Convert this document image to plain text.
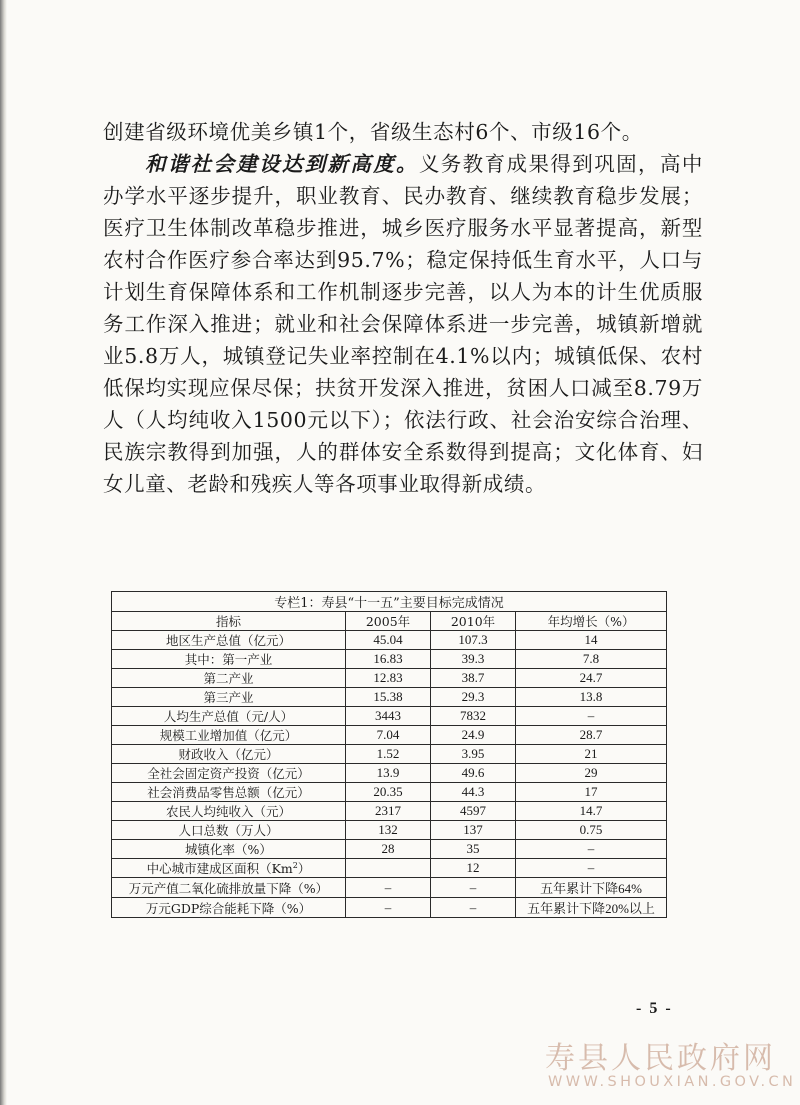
创建省级环境优美乡镇1个，省级生态村6个、市级16个。

和谐社会建设达到新高度。义务教育成果得到巩固，高中办学水平逐步提升，职业教育、民办教育、继续教育稳步发展；医疗卫生体制改革稳步推进，城乡医疗服务水平显著提高，新型农村合作医疗参合率达到95.7%；稳定保持低生育水平，人口与计划生育保障体系和工作机制逐步完善，以人为本的计生优质服务工作深入推进；就业和社会保障体系进一步完善，城镇新增就业5.8万人，城镇登记失业率控制在4.1%以内；城镇低保、农村低保均实现应保尽保；扶贫开发深入推进，贫困人口减至8.79万人（人均纯收入1500元以下）；依法行政、社会治安综合治理、民族宗教得到加强，人的群体安全系数得到提高；文化体育、妇女儿童、老龄和残疾人等各项事业取得新成绩。

专栏1：寿县“十一五”主要目标完成情况			
指标	2005年	2010年	年均增长（%）
地区生产总值（亿元）	45.04	107.3	14
其中：第一产业	16.83	39.3	7.8
第二产业	12.83	38.7	24.7
第三产业	15.38	29.3	13.8
人均生产总值（元/人）	3443	7832	–
规模工业增加值（亿元）	7.04	24.9	28.7
财政收入（亿元）	1.52	3.95	21
全社会固定资产投资（亿元）	13.9	49.6	29
社会消费品零售总额（亿元）	20.35	44.3	17
农民人均纯收入（元）	2317	4597	14.7
人口总数（万人）	132	137	0.75
城镇化率（%）	28	35	–
中心城市建成区面积（Km$^2$）		12	–
万元产值二氧化硫排放量下降（%）	–	–	五年累计下降64%
万元GDP综合能耗下降（%）	–	–	五年累计下降20%以上
- 5 -
寿县人民政府网
WWW.SHOUXIAN.GOV.CN
